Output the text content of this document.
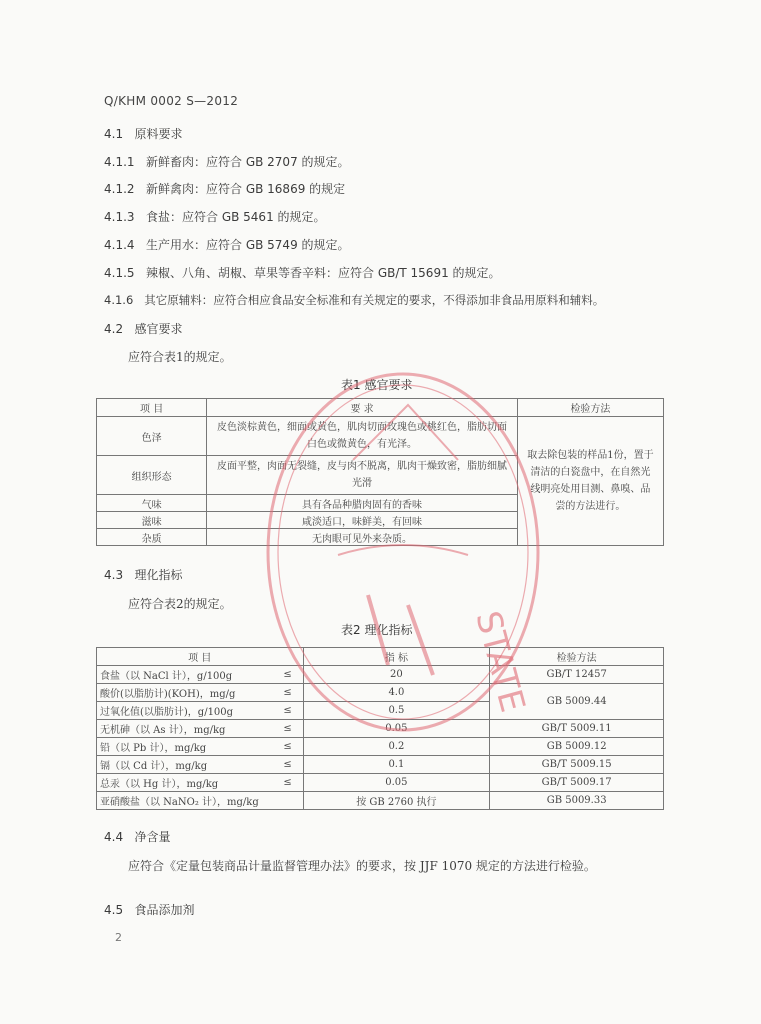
Q/KHM 0002 S—2012
4.1 原料要求
4.1.1 新鲜畜肉：应符合 GB 2707 的规定。
4.1.2 新鲜禽肉：应符合 GB 16869 的规定
4.1.3 食盐：应符合 GB 5461 的规定。
4.1.4 生产用水：应符合 GB 5749 的规定。
4.1.5 辣椒、八角、胡椒、草果等香辛料：应符合 GB/T 15691 的规定。
4.1.6 其它原辅料：应符合相应食品安全标准和有关规定的要求，不得添加非食品用原料和辅料。
4.2 感官要求
应符合表1的规定。
表1 感官要求
项 目	要 求	检验方法
色泽	皮色淡棕黄色，细面或黄色，肌肉切面玫瑰色或桃红色，脂肪切面白色或微黄色，有光泽。	取去除包装的样品1份，置于清洁的白瓷盘中，在自然光线明亮处用目测、鼻嗅、品尝的方法进行。
组织形态	皮面平整，肉面无裂缝，皮与肉不脱离，肌肉干燥致密，脂肪细腻光滑	
气味	具有各品种腊肉固有的香味	
滋味	咸淡适口，味鲜美，有回味	
杂质	无肉眼可见外来杂质。	
4.3 理化指标
应符合表2的规定。
表2 理化指标
项 目		指 标	检验方法
食盐（以 NaCl 计），g/100g	≤	20	GB/T 12457
酸价(以脂肪计)(KOH)，mg/g	≤	4.0	GB 5009.44
过氧化值(以脂肪计)，g/100g	≤	0.5	
无机砷（以 As 计），mg/kg	≤	0.05	GB/T 5009.11
铅（以 Pb 计），mg/kg	≤	0.2	GB 5009.12
镉（以 Cd 计），mg/kg	≤	0.1	GB/T 5009.15
总汞（以 Hg 计），mg/kg	≤	0.05	GB/T 5009.17
亚硝酸盐（以 NaNO₂ 计），mg/kg		按 GB 2760 执行	GB 5009.33
4.4 净含量
应符合《定量包装商品计量监督管理办法》的要求，按 JJF 1070 规定的方法进行检验。
4.5 食品添加剂
2
STATE
